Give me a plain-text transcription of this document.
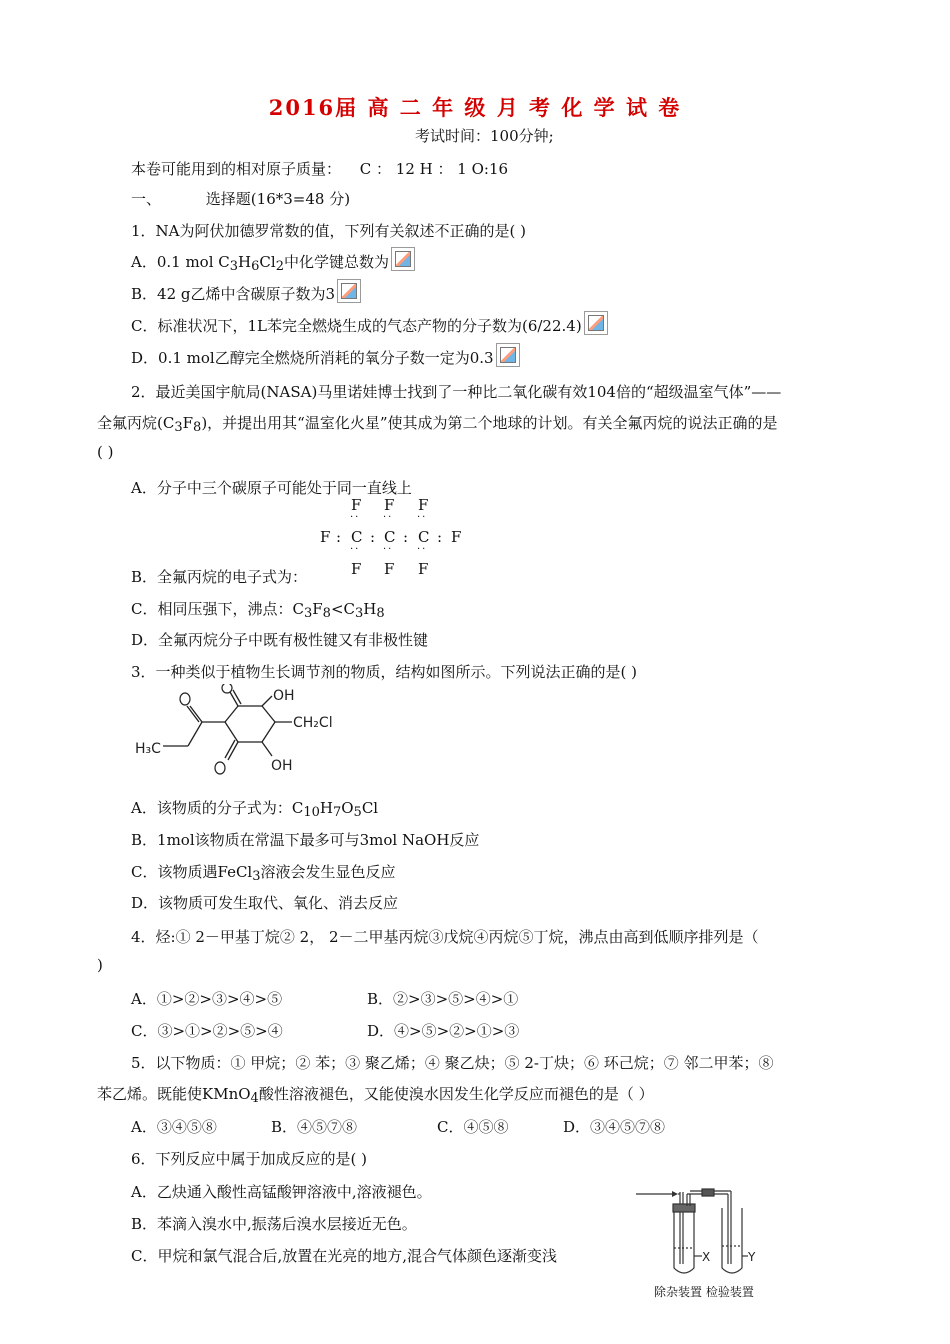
2016届 高 二 年 级 月 考 化 学 试 卷
考试时间：100分钟;
本卷可能用到的相对原子质量： C ： 12 H ： 1 O:16
一、	选择题(16*3=48 分)
1．NA为阿伏加德罗常数的值，下列有关叙述不正确的是( )
A．0.1 mol C3H6Cl2中化学键总数为
B．42 g乙烯中含碳原子数为3
C．标准状况下，1L苯完全燃烧生成的气态产物的分子数为(6/22.4)
D．0.1 mol乙醇完全燃烧所消耗的氧分子数一定为0.3
2．最近美国宇航局(NASA)马里诺娃博士找到了一种比二氧化碳有效104倍的“超级温室气体”——
全氟丙烷(C3F8)，并提出用其“温室化火星”使其成为第二个地球的计划。有关全氟丙烷的说法正确的是
( )
A．分子中三个碳原子可能处于同一直线上
F F F
·· ·· ··
F : C : C : C : F
·· ·· ··
F F F
B．全氟丙烷的电子式为：
C．相同压强下，沸点：C3F8<C3H8
D．全氟丙烷分子中既有极性键又有非极性键
3．一种类似于植物生长调节剂的物质，结构如图所示。下列说法正确的是( )
OH
OH
CH₂Cl
H₃C
A．该物质的分子式为：C10H7O5Cl
B．1mol该物质在常温下最多可与3mol NaOH反应
C．该物质遇FeCl3溶液会发生显色反应
D．该物质可发生取代、氧化、消去反应
4．烃:① 2－甲基丁烷② 2， 2－二甲基丙烷③戊烷④丙烷⑤丁烷，沸点由高到低顺序排列是（
)
A．①>②>③>④>⑤	B．②>③>⑤>④>①
C．③>①>②>⑤>④	D．④>⑤>②>①>③
5．以下物质：① 甲烷；② 苯；③ 聚乙烯；④ 聚乙炔；⑤ 2-丁炔；⑥ 环己烷；⑦ 邻二甲苯；⑧
苯乙烯。既能使KMnO4酸性溶液褪色，又能使溴水因发生化学反应而褪色的是（ ）
A．③④⑤⑧	B．④⑤⑦⑧	C．④⑤⑧	D．③④⑤⑦⑧
6．下列反应中属于加成反应的是( )
A．乙炔通入酸性高锰酸钾溶液中,溶液褪色。
B．苯滴入溴水中,振荡后溴水层接近无色。
C．甲烷和氯气混合后,放置在光亮的地方,混合气体颜色逐渐变浅	X	Y
除杂装置 检验装置
